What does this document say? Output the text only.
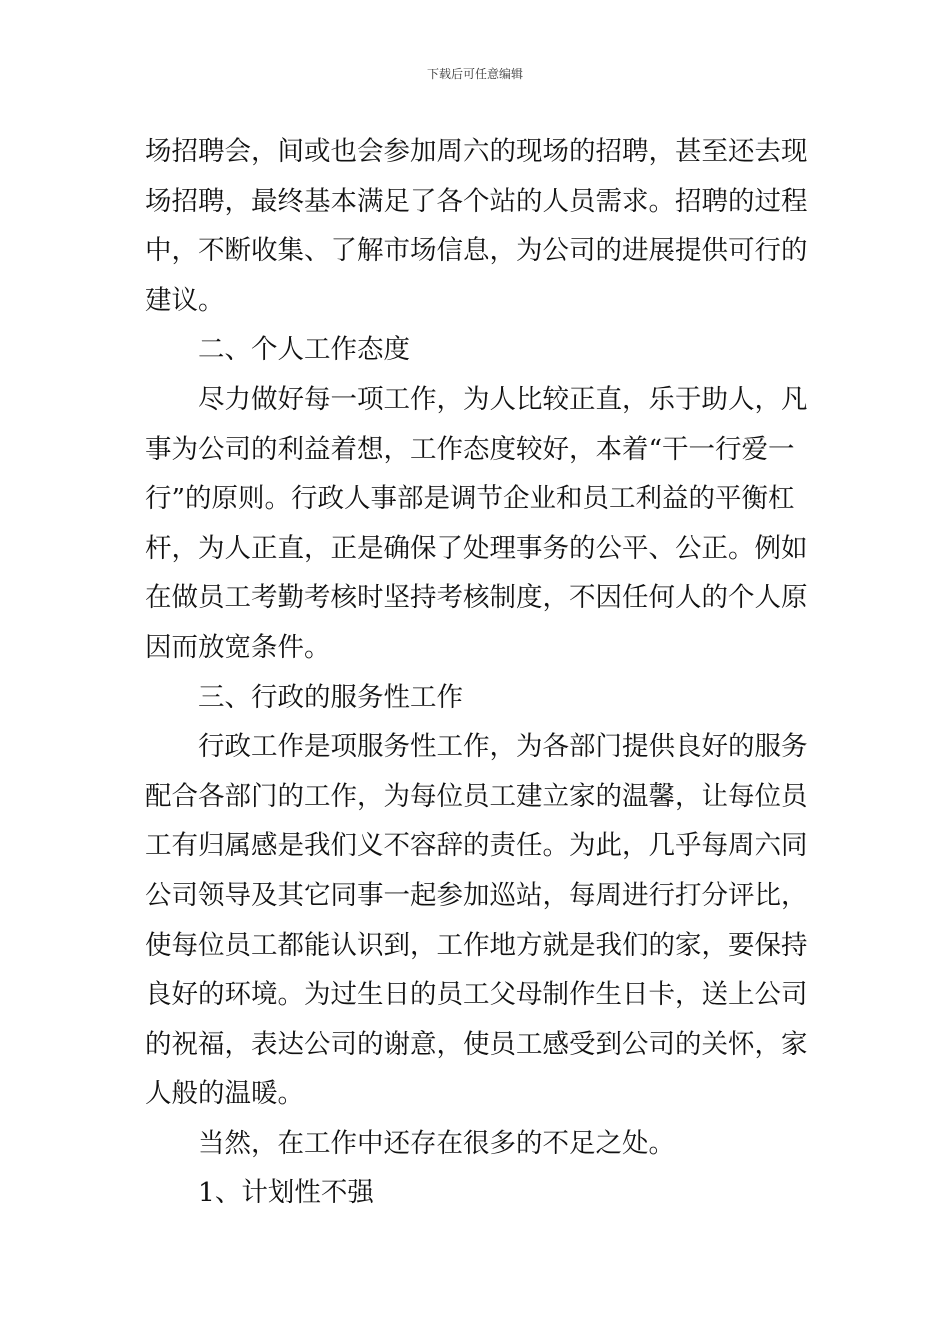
下载后可任意编辑
场招聘会，间或也会参加周六的现场的招聘，甚至还去现
场招聘，最终基本满足了各个站的人员需求。招聘的过程
中，不断收集、了解市场信息，为公司的进展提供可行的
建议。
二、个人工作态度
尽力做好每一项工作，为人比较正直，乐于助人，凡
事为公司的利益着想，工作态度较好，本着“干一行爱一
行”的原则。行政人事部是调节企业和员工利益的平衡杠
杆，为人正直，正是确保了处理事务的公平、公正。例如
在做员工考勤考核时坚持考核制度，不因任何人的个人原
因而放宽条件。
三、行政的服务性工作
行政工作是项服务性工作，为各部门提供良好的服务
配合各部门的工作，为每位员工建立家的温馨，让每位员
工有归属感是我们义不容辞的责任。为此，几乎每周六同
公司领导及其它同事一起参加巡站，每周进行打分评比，
使每位员工都能认识到，工作地方就是我们的家，要保持
良好的环境。为过生日的员工父母制作生日卡，送上公司
的祝福，表达公司的谢意，使员工感受到公司的关怀，家
人般的温暖。
当然，在工作中还存在很多的不足之处。
1、计划性不强
